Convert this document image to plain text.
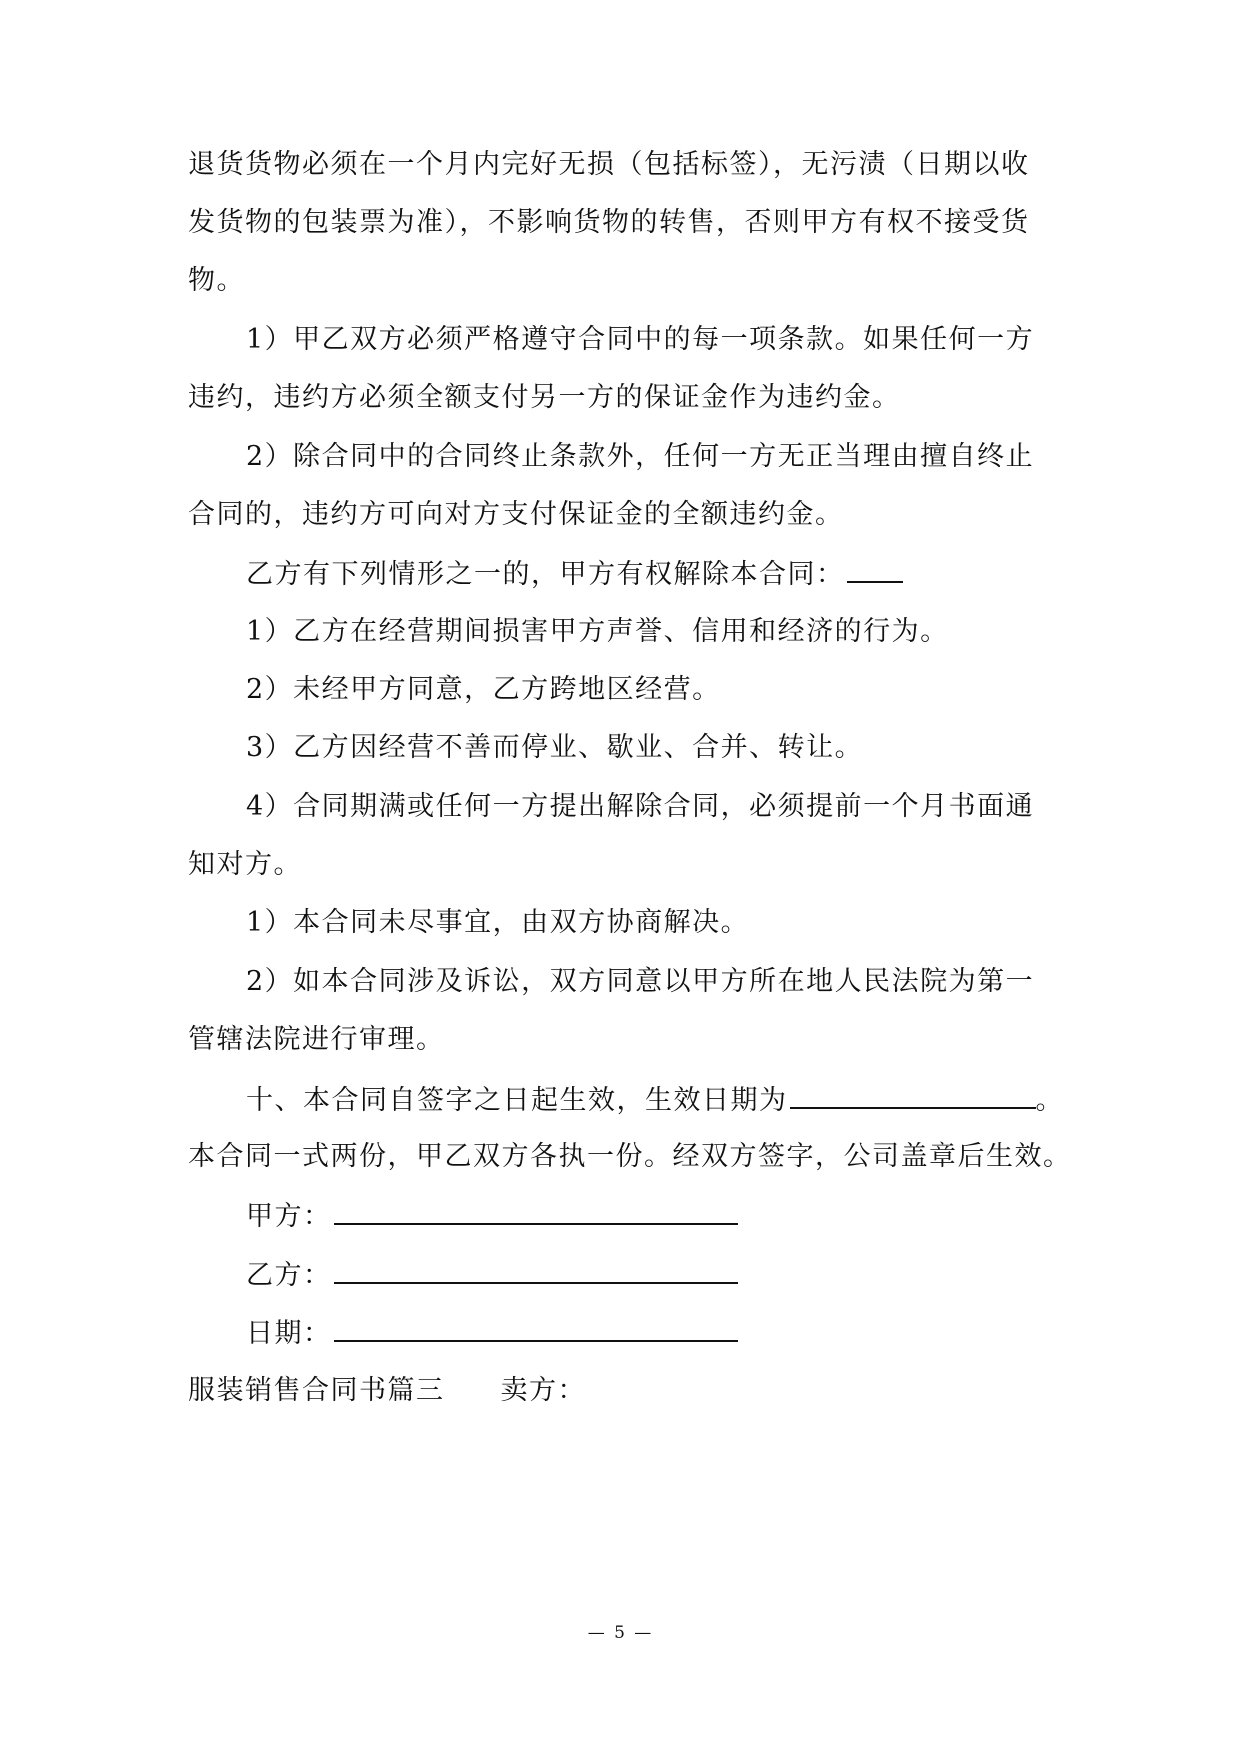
退货货物必须在一个月内完好无损（包括标签），无污渍（日期以收
发货物的包装票为准），不影响货物的转售，否则甲方有权不接受货
物。
1）甲乙双方必须严格遵守合同中的每一项条款。如果任何一方
违约，违约方必须全额支付另一方的保证金作为违约金。
2）除合同中的合同终止条款外，任何一方无正当理由擅自终止
合同的，违约方可向对方支付保证金的全额违约金。
乙方有下列情形之一的，甲方有权解除本合同：
1）乙方在经营期间损害甲方声誉、信用和经济的行为。
2）未经甲方同意，乙方跨地区经营。
3）乙方因经营不善而停业、歇业、合并、转让。
4）合同期满或任何一方提出解除合同，必须提前一个月书面通
知对方。
1）本合同未尽事宜，由双方协商解决。
2）如本合同涉及诉讼，双方同意以甲方所在地人民法院为第一
管辖法院进行审理。
十、本合同自签字之日起生效，生效日期为	。
本合同一式两份，甲乙双方各执一份。经双方签字，公司盖章后生效。
甲方：
乙方：
日期：
服装销售合同书篇三 卖方：
— 5 —
